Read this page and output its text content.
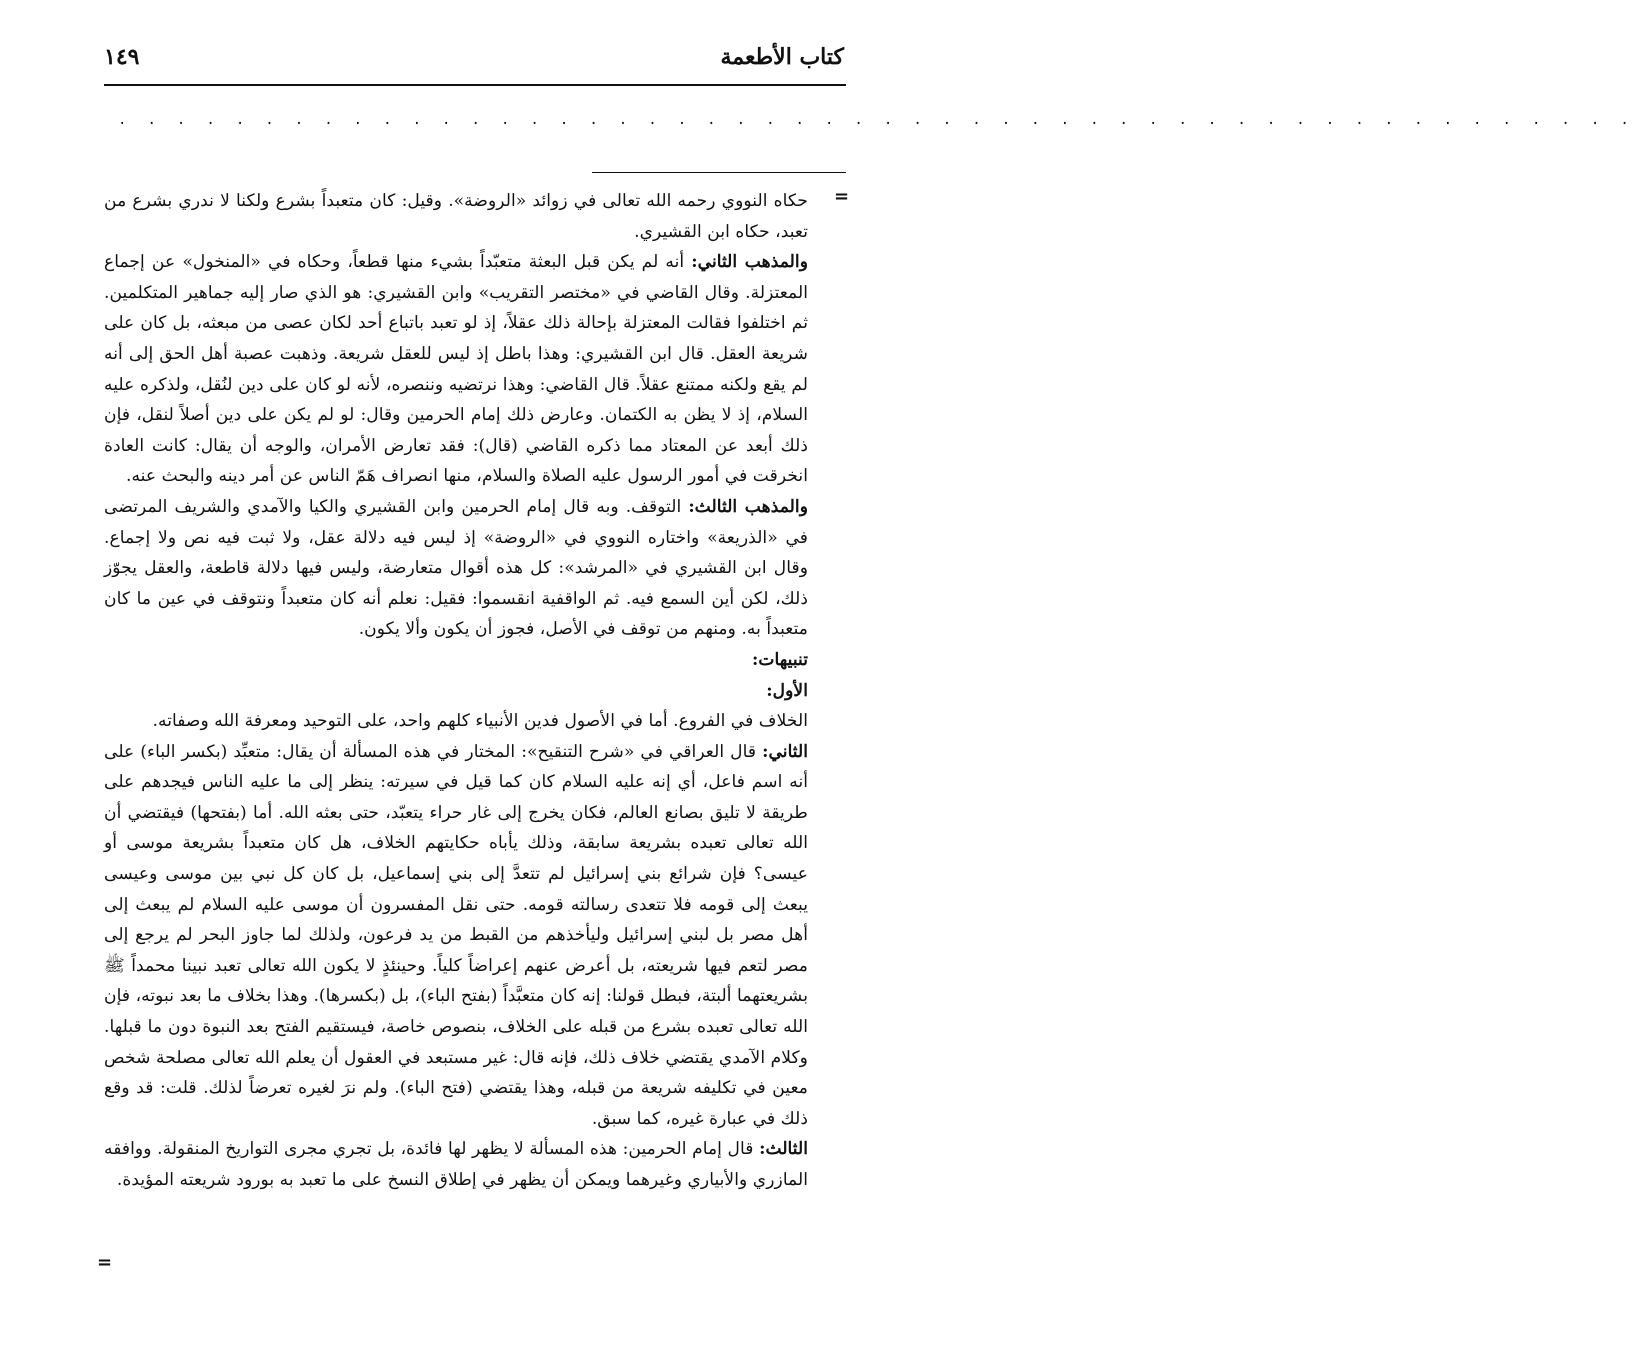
كتاب الأطعمة
١٤٩
. . . . . . . . . . . . . . . . . . . . . . . . . . . . . . . . . . . . . . . . . . . . . . . . . . . .
=
=

حكاه النووي رحمه الله تعالى في زوائد «الروضة». وقيل: كان متعبداً بشرع ولكنا لا ندري بشرع من تعبد، حكاه ابن القشيري.

والمذهب الثاني: أنه لم يكن قبل البعثة متعبّداً بشيء منها قطعاً، وحكاه في «المنخول» عن إجماع المعتزلة. وقال القاضي في «مختصر التقريب» وابن القشيري: هو الذي صار إليه جماهير المتكلمين. ثم اختلفوا فقالت المعتزلة بإحالة ذلك عقلاً، إذ لو تعبد باتباع أحد لكان عصى من مبعثه، بل كان على شريعة العقل. قال ابن القشيري: وهذا باطل إذ ليس للعقل شريعة. وذهبت عصبة أهل الحق إلى أنه لم يقع ولكنه ممتنع عقلاً. قال القاضي: وهذا نرتضيه وننصره، لأنه لو كان على دين لنُقل، ولذكره عليه السلام، إذ لا يظن به الكتمان. وعارض ذلك إمام الحرمين وقال: لو لم يكن على دين أصلاً لنقل، فإن ذلك أبعد عن المعتاد مما ذكره القاضي (قال): فقد تعارض الأمران، والوجه أن يقال: كانت العادة انخرقت في أمور الرسول عليه الصلاة والسلام، منها انصراف هَمّ الناس عن أمر دينه والبحث عنه.

والمذهب الثالث: التوقف. وبه قال إمام الحرمين وابن القشيري والكيا والآمدي والشريف المرتضى في «الذريعة» واختاره النووي في «الروضة» إذ ليس فيه دلالة عقل، ولا ثبت فيه نص ولا إجماع. وقال ابن القشيري في «المرشد»: كل هذه أقوال متعارضة، وليس فيها دلالة قاطعة، والعقل يجوّز ذلك، لكن أين السمع فيه. ثم الواقفية انقسموا: فقيل: نعلم أنه كان متعبداً ونتوقف في عين ما كان متعبداً به. ومنهم من توقف في الأصل، فجوز أن يكون وألا يكون.

تنبيهات:

الأول:

الخلاف في الفروع. أما في الأصول فدين الأنبياء كلهم واحد، على التوحيد ومعرفة الله وصفاته.

الثاني: قال العراقي في «شرح التنقيح»: المختار في هذه المسألة أن يقال: متعبِّد (بكسر الباء) على أنه اسم فاعل، أي إنه عليه السلام كان كما قيل في سيرته: ينظر إلى ما عليه الناس فيجدهم على طريقة لا تليق بصانع العالم، فكان يخرج إلى غار حراء يتعبّد، حتى بعثه الله. أما (بفتحها) فيقتضي أن الله تعالى تعبده بشريعة سابقة، وذلك يأباه حكايتهم الخلاف، هل كان متعبداً بشريعة موسى أو عيسى؟ فإن شرائع بني إسرائيل لم تتعدَّ إلى بني إسماعيل، بل كان كل نبي بين موسى وعيسى يبعث إلى قومه فلا تتعدى رسالته قومه. حتى نقل المفسرون أن موسى عليه السلام لم يبعث إلى أهل مصر بل لبني إسرائيل وليأخذهم من القبط من يد فرعون، ولذلك لما جاوز البحر لم يرجع إلى مصر لتعم فيها شريعته، بل أعرض عنهم إعراضاً كلياً. وحينئذٍ لا يكون الله تعالى تعبد نبينا محمداً ﷺ بشريعتهما ألبتة، فبطل قولنا: إنه كان متعبَّداً (بفتح الباء)، بل (بكسرها). وهذا بخلاف ما بعد نبوته، فإن الله تعالى تعبده بشرع من قبله على الخلاف، بنصوص خاصة، فيستقيم الفتح بعد النبوة دون ما قبلها. وكلام الآمدي يقتضي خلاف ذلك، فإنه قال: غير مستبعد في العقول أن يعلم الله تعالى مصلحة شخص معين في تكليفه شريعة من قبله، وهذا يقتضي (فتح الباء). ولم نرَ لغيره تعرضاً لذلك. قلت: قد وقع ذلك في عبارة غيره، كما سبق.

الثالث: قال إمام الحرمين: هذه المسألة لا يظهر لها فائدة، بل تجري مجرى التواريخ المنقولة. ووافقه المازري والأبياري وغيرهما ويمكن أن يظهر في إطلاق النسخ على ما تعبد به بورود شريعته المؤيدة.
